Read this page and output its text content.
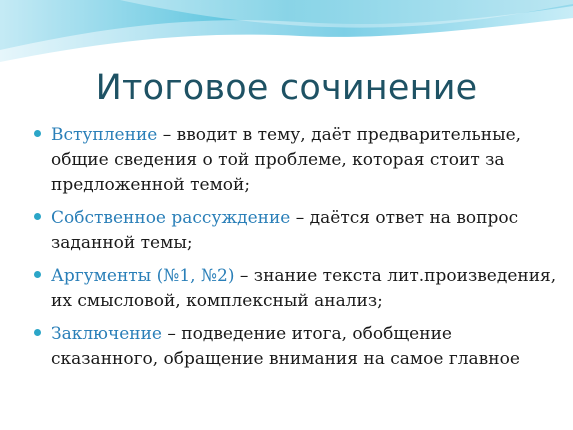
Итоговое сочинение
Вступление – вводит в тему, даёт предварительные, общие сведения о той проблеме, которая стоит за предложенной темой;
Собственное рассуждение – даётся ответ на вопрос заданной темы;
Аргументы (№1, №2) – знание текста лит.произведения, их смысловой, комплексный анализ;
Заключение – подведение итога, обобщение сказанного, обращение внимания на самое главное
